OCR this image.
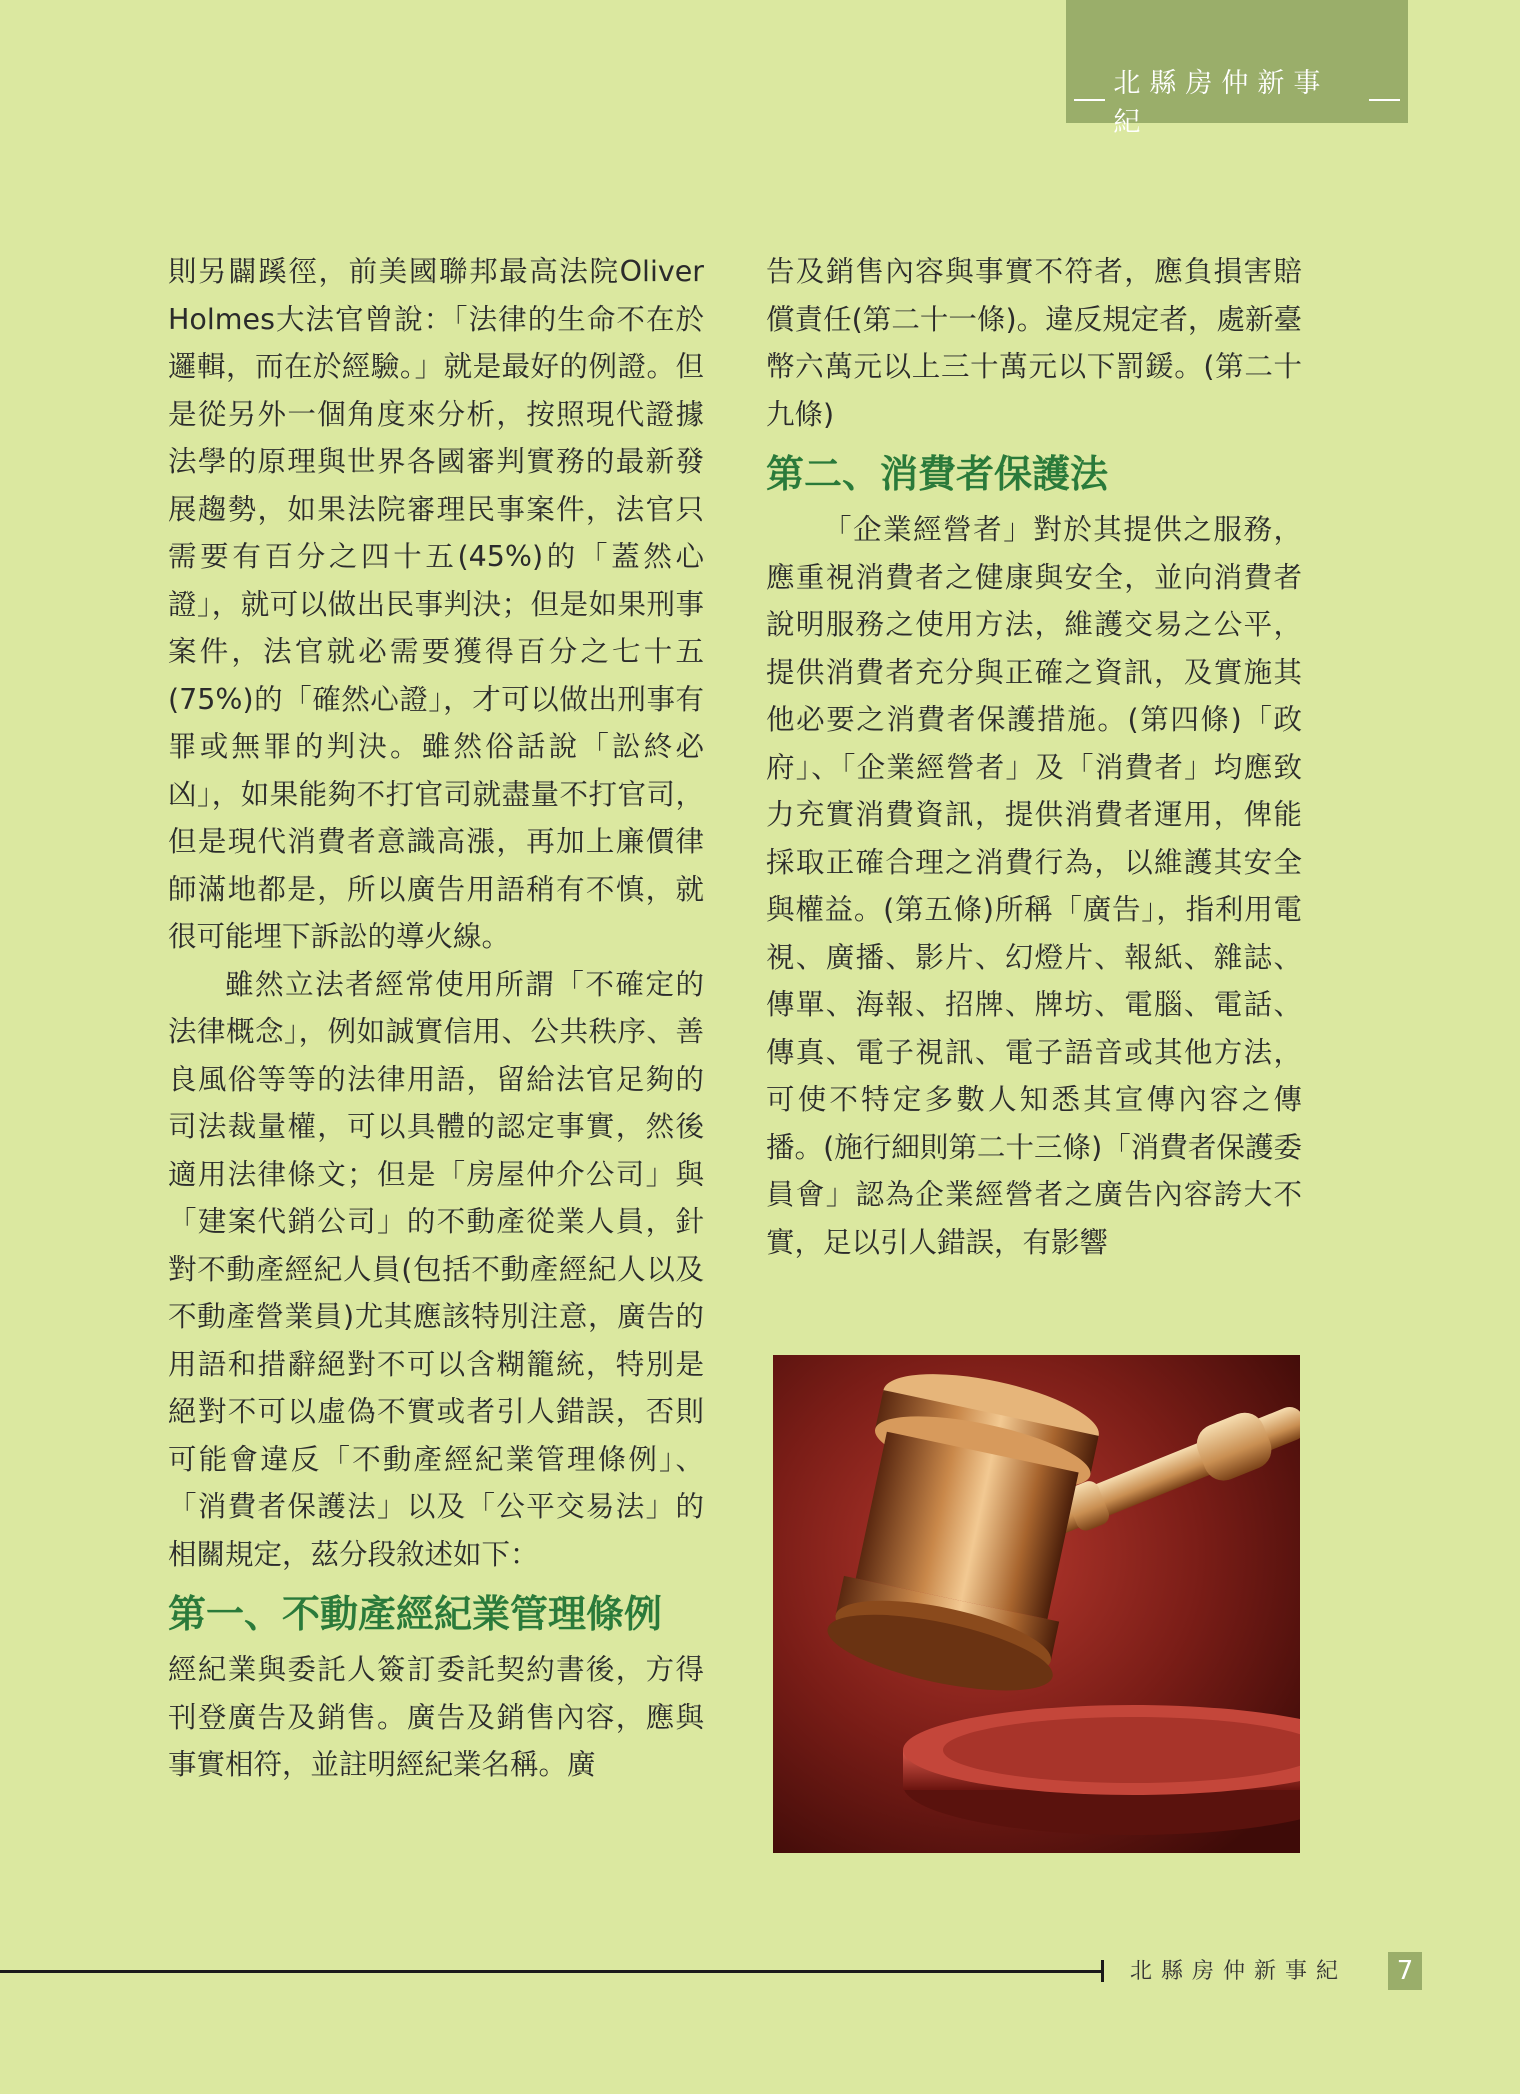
北縣房仲新事紀

則另闢蹊徑，前美國聯邦最高法院Oliver Holmes大法官曾說：「法律的生命不在於邏輯，而在於經驗。」就是最好的例證。但是從另外一個角度來分析，按照現代證據法學的原理與世界各國審判實務的最新發展趨勢，如果法院審理民事案件，法官只需要有百分之四十五(45%)的「蓋然心證」，就可以做出民事判決；但是如果刑事案件，法官就必需要獲得百分之七十五(75%)的「確然心證」，才可以做出刑事有罪或無罪的判決。雖然俗話說「訟終必凶」，如果能夠不打官司就盡量不打官司，但是現代消費者意識高漲，再加上廉價律師滿地都是，所以廣告用語稍有不慎，就很可能埋下訴訟的導火線。

雖然立法者經常使用所謂「不確定的法律概念」，例如誠實信用、公共秩序、善良風俗等等的法律用語，留給法官足夠的司法裁量權，可以具體的認定事實，然後適用法律條文；但是「房屋仲介公司」與「建案代銷公司」的不動產從業人員，針對不動產經紀人員(包括不動產經紀人以及不動產營業員)尤其應該特別注意，廣告的用語和措辭絕對不可以含糊籠統，特別是絕對不可以虛偽不實或者引人錯誤，否則可能會違反「不動產經紀業管理條例」、「消費者保護法」以及「公平交易法」的相關規定，茲分段敘述如下：

第一、不動產經紀業管理條例

經紀業與委託人簽訂委託契約書後，方得刊登廣告及銷售。廣告及銷售內容，應與事實相符，並註明經紀業名稱。廣

告及銷售內容與事實不符者，應負損害賠償責任(第二十一條)。違反規定者，處新臺幣六萬元以上三十萬元以下罰鍰。(第二十九條)

第二、消費者保護法

「企業經營者」對於其提供之服務，應重視消費者之健康與安全，並向消費者說明服務之使用方法，維護交易之公平，提供消費者充分與正確之資訊，及實施其他必要之消費者保護措施。(第四條)「政府」、「企業經營者」及「消費者」均應致力充實消費資訊，提供消費者運用，俾能採取正確合理之消費行為，以維護其安全與權益。(第五條)所稱「廣告」，指利用電視、廣播、影片、幻燈片、報紙、雜誌、傳單、海報、招牌、牌坊、電腦、電話、傳真、電子視訊、電子語音或其他方法，可使不特定多數人知悉其宣傳內容之傳播。(施行細則第二十三條)「消費者保護委員會」認為企業經營者之廣告內容誇大不實，足以引人錯誤，有影響

北縣房仲新事紀	7
